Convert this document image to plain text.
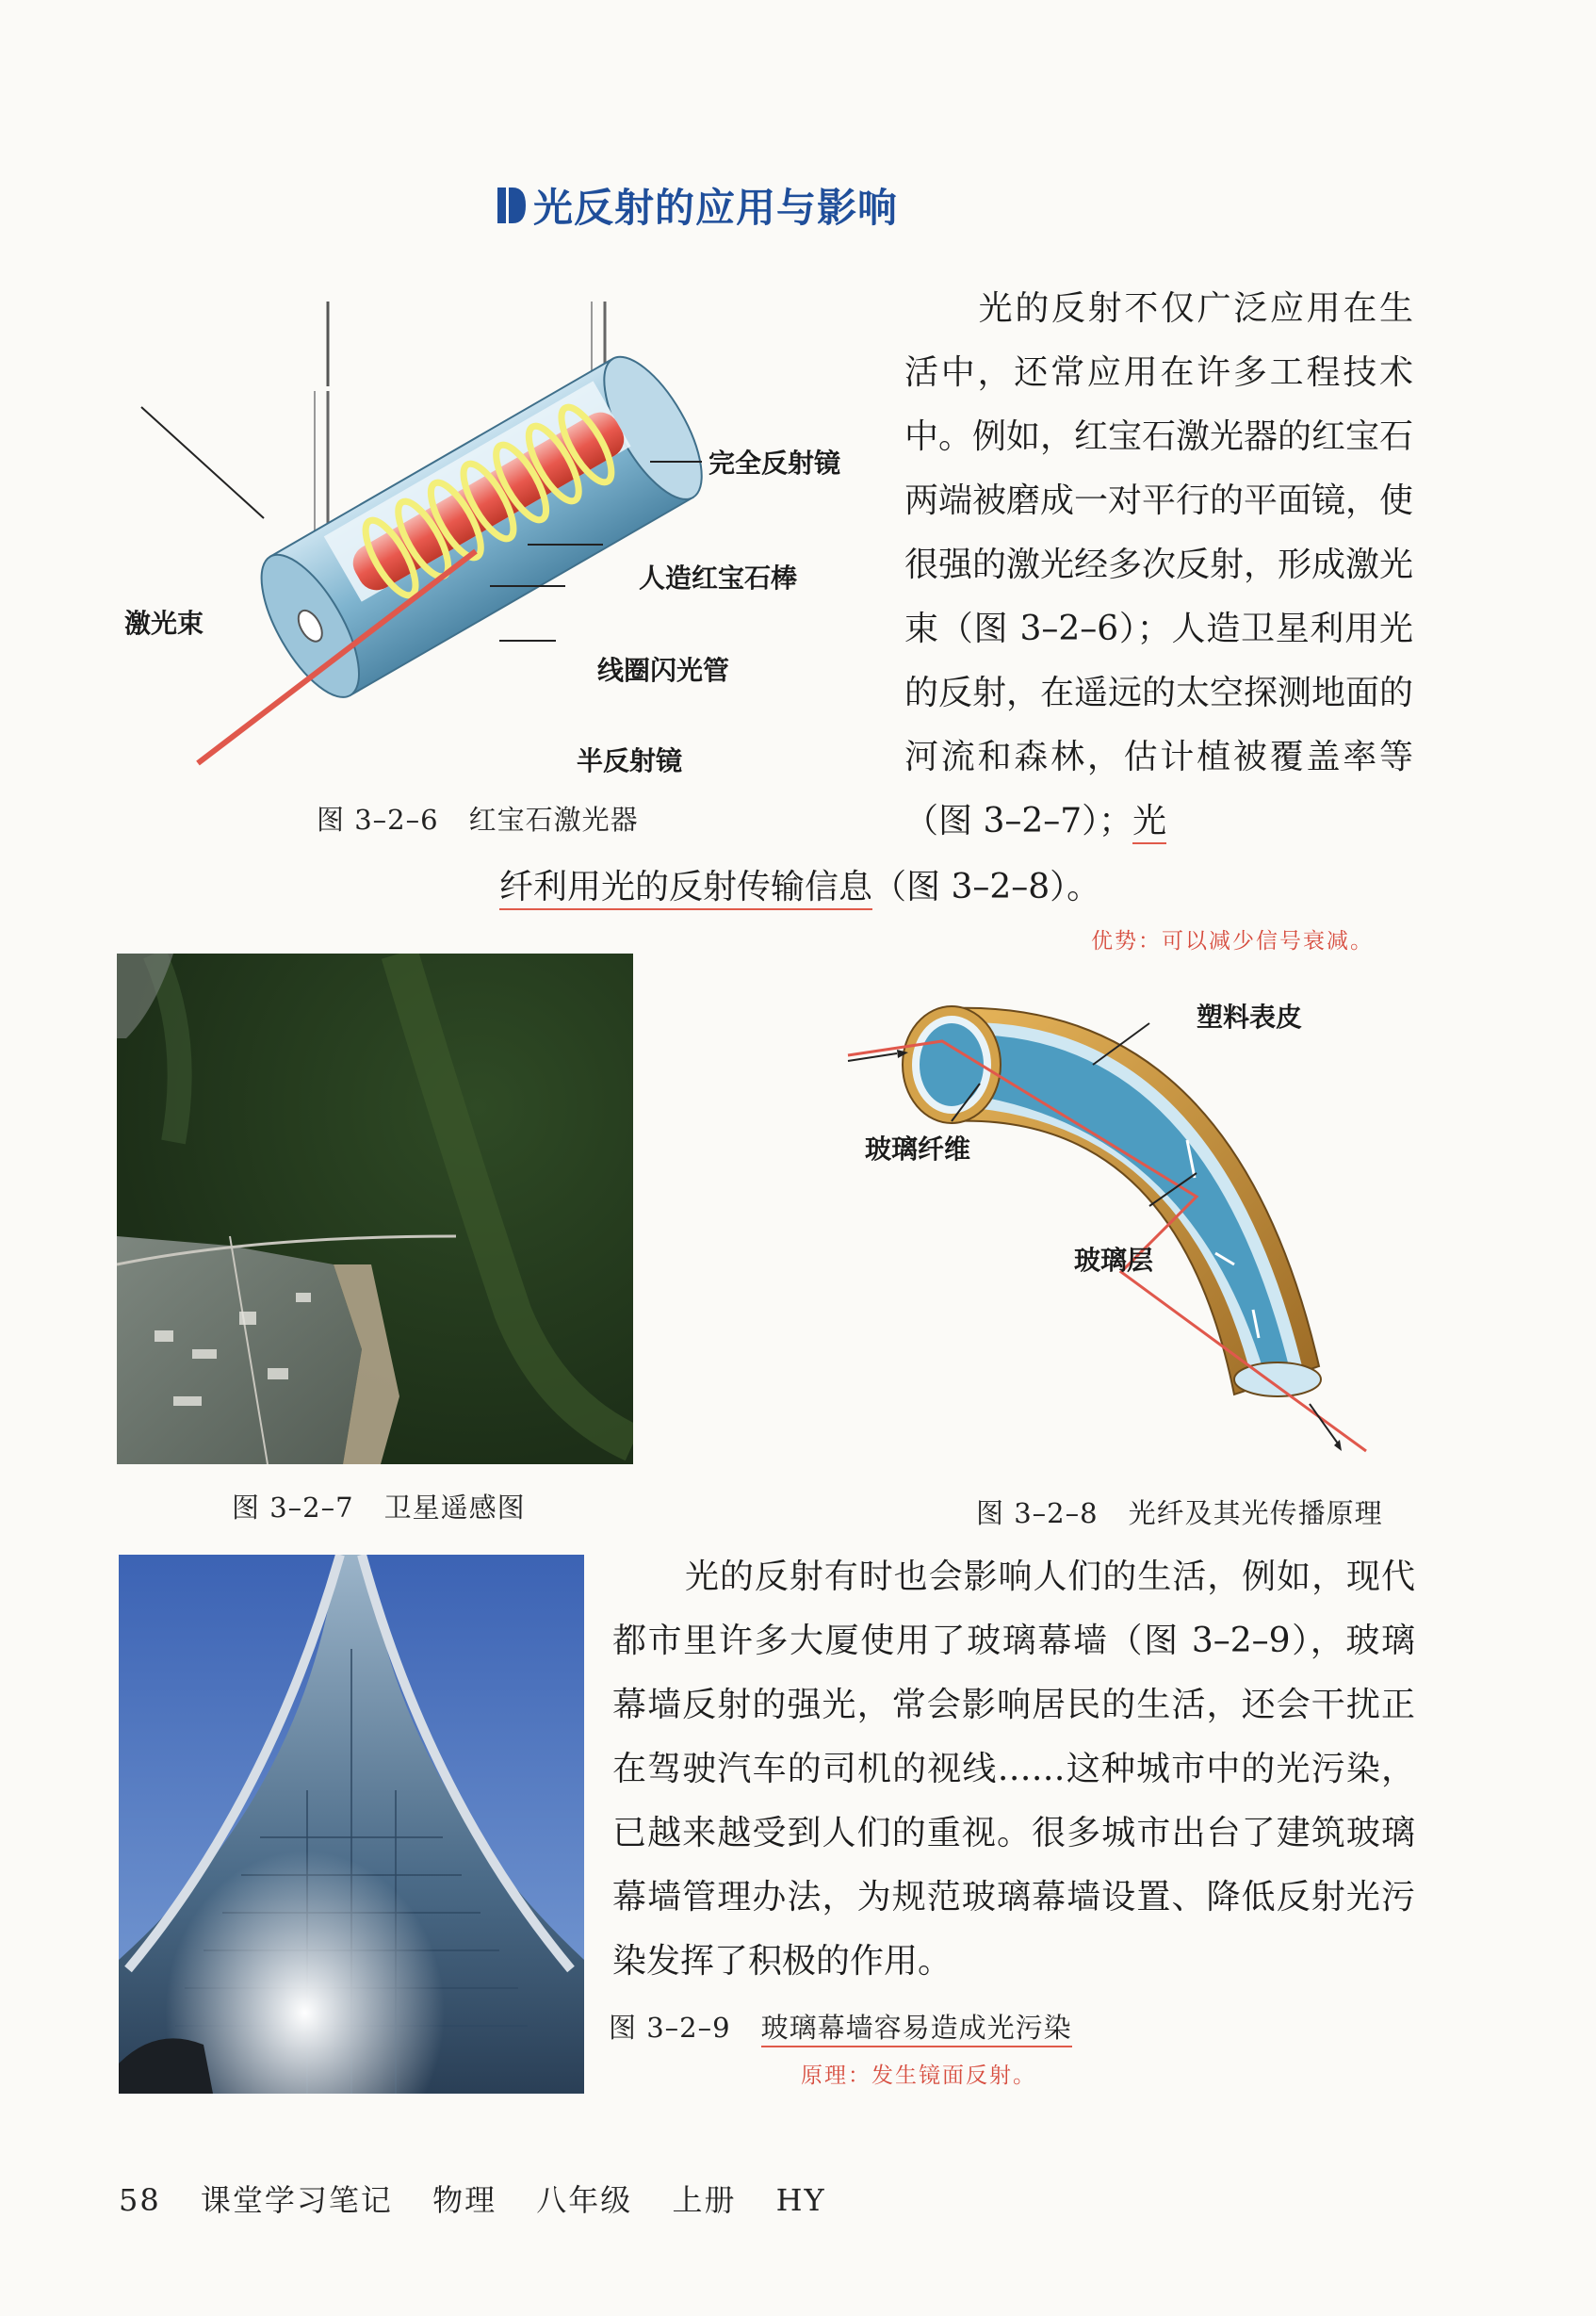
光反射的应用与影响
完全反射镜
人造红宝石棒
激光束
线圈闪光管
半反射镜
图 3–2–6 红宝石激光器
光的反射不仅广泛应用在生活中，还常应用在许多工程技术中。例如，红宝石激光器的红宝石两端被磨成一对平行的平面镜，使很强的激光经多次反射，形成激光束（图 3–2–6）；人造卫星利用光的反射，在遥远的太空探测地面的河流和森林，估计植被覆盖率等（图 3–2–7）；光
纤利用光的反射传输信息（图 3–2–8）。
优势：可以减少信号衰减。
图 3–2–7 卫星遥感图
塑料表皮
玻璃纤维
玻璃层
图 3–2–8 光纤及其光传播原理
光的反射有时也会影响人们的生活，例如，现代都市里许多大厦使用了玻璃幕墙（图 3–2–9），玻璃幕墙反射的强光，常会影响居民的生活，还会干扰正在驾驶汽车的司机的视线……这种城市中的光污染，已越来越受到人们的重视。很多城市出台了建筑玻璃幕墙管理办法，为规范玻璃幕墙设置、降低反射光污染发挥了积极的作用。
图 3–2–9 玻璃幕墙容易造成光污染
原理：发生镜面反射。
58 课堂学习笔记 物理 八年级 上册 HY
